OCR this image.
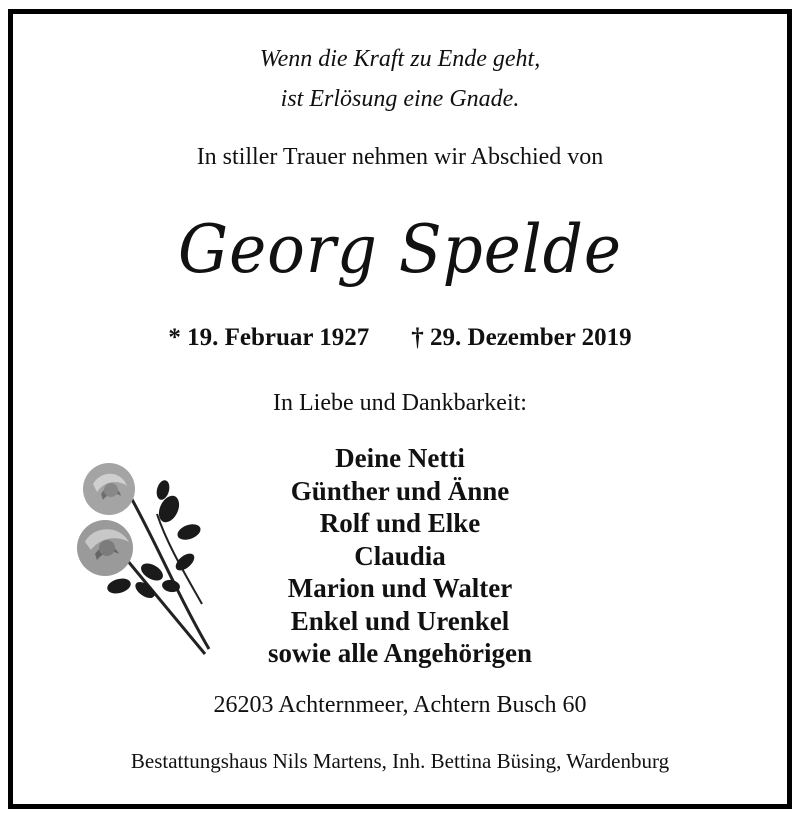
Wenn die Kraft zu Ende geht,
ist Erlösung eine Gnade.
In stiller Trauer nehmen wir Abschied von
Georg Spelde
* 19. Februar 1927 † 29. Dezember 2019
In Liebe und Dankbarkeit:
Deine Netti
Günther und Änne
Rolf und Elke
Claudia
Marion und Walter
Enkel und Urenkel
sowie alle Angehörigen
26203 Achternmeer, Achtern Busch 60
Bestattungshaus Nils Martens, Inh. Bettina Büsing, Wardenburg
